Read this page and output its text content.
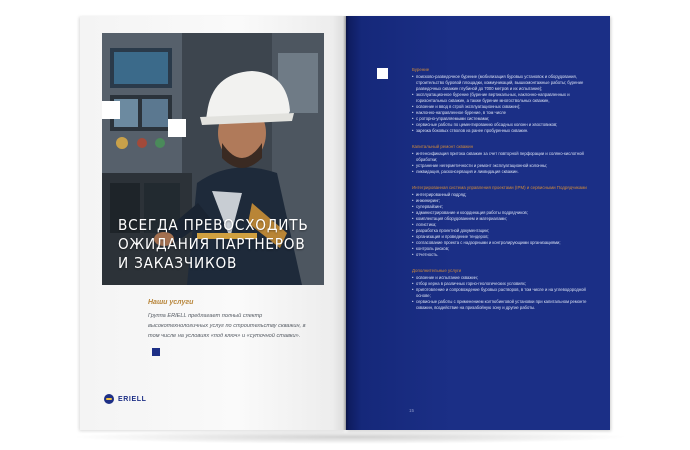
ВСЕГДА ПРЕВОСХОДИТЬ
ОЖИДАНИЯ ПАРТНЕРОВ
И ЗАКАЗЧИКОВ
Наши услуги
Группа ERIELL предлагает полный спектр высокотехнологичных услуг по строительству скважин, в том числе на условиях «под ключ» и «суточной ставки».
ERIELL
Бурение
• поисково-разведочное бурение (мобилизация буровых установок и оборудования, строительство буровой площадки, коммуникаций, вышкомонтажные работы; бурение разведочных скважин глубиной до 7000 метров и их испытание);
• эксплуатационное бурение (бурение вертикальных, наклонно-направленных и горизонтальных скважин, а также бурение многоствольных скважин,
• освоение и ввод в строй эксплуатационных скважин);
• наклонно-направленное бурение, в том числе
• с роторно-управляемыми системами;
• сервисные работы по цементированию обсадных колонн и хвостовиков;
• зарезка боковых стволов из ранее пробуренных скважин.
Капитальный ремонт скважин
• интенсификация притока скважин за счет повторной перфорации и соляно-кислотной обработки;
• устранение негерметичности и ремонт эксплуатационной колонны;
• ликвидация, расконсервация и ликвидация скважин.
Интегрированная система управления проектами (IPM) и сервисными Подрядчиками
• интегрированный подряд;
• инжиниринг;
• супервайзинг;
• администрирование и координация работы подрядчиков;
• комплектация оборудованием и материалами;
• логистика;
• разработка проектной документации;
• организация и проведение тендеров;
• согласование проекта с надзорными и контролирующими организациями;
• контроль рисков;
• отчетность.
Дополнительные услуги
• освоение и испытание скважин;
• отбор керна в различных горно-геологических условиях;
• приготовление и сопровождение буровых растворов, в том числе и на углеводородной основе;
• сервисные работы с применением колтюбинговой установки при капитальном ремонте скважин, воздействие на призабойную зону и другие работы.
15
